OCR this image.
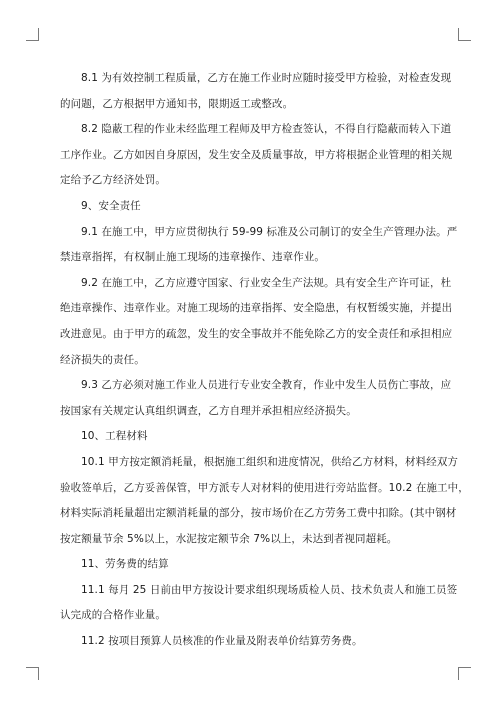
8.1 为有效控制工程质量，乙方在施工作业时应随时接受甲方检验，对检查发现
的问题，乙方根据甲方通知书，限期返工或整改。
8.2 隐蔽工程的作业未经监理工程师及甲方检查签认，不得自行隐蔽而转入下道
工序作业。乙方如因自身原因，发生安全及质量事故，甲方将根据企业管理的相关规
定给予乙方经济处罚。
9、安全责任
9.1 在施工中，甲方应贯彻执行 59-99 标准及公司制订的安全生产管理办法。严
禁违章指挥，有权制止施工现场的违章操作、违章作业。
9.2 在施工中，乙方应遵守国家、行业安全生产法规。具有安全生产许可证，杜
绝违章操作、违章作业。对施工现场的违章指挥、安全隐患，有权暂缓实施，并提出
改进意见。由于甲方的疏忽，发生的安全事故并不能免除乙方的安全责任和承担相应
经济损失的责任。
9.3 乙方必须对施工作业人员进行专业安全教育，作业中发生人员伤亡事故，应
按国家有关规定认真组织调查，乙方自理并承担相应经济损失。
10、工程材料
10.1 甲方按定额消耗量，根据施工组织和进度情况，供给乙方材料，材料经双方
验收签单后，乙方妥善保管，甲方派专人对材料的使用进行旁站监督。10.2 在施工中，
材料实际消耗量超出定额消耗量的部分，按市场价在乙方劳务工费中扣除。(其中钢材
按定额量节余 5%以上，水泥按定额节余 7%以上，未达到者视同超耗。
11、劳务费的结算
11.1 每月 25 日前由甲方按设计要求组织现场质检人员、技术负责人和施工员签
认完成的合格作业量。
11.2 按项目预算人员核准的作业量及附表单价结算劳务费。
